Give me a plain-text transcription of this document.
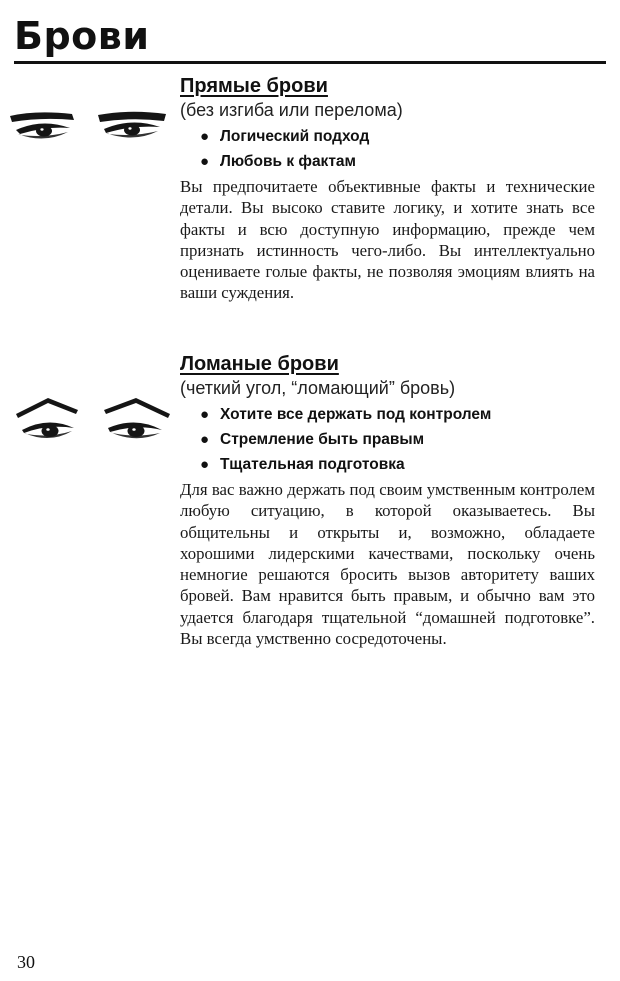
Брови
Прямые брови
(без изгиба или перелома)
● Логический подход
● Любовь к фактам

Вы предпочитаете объективные факты и технические детали. Вы высоко ставите логику, и хотите знать все факты и всю доступную информацию, прежде чем признать истинность чего-либо. Вы интеллектуально оцениваете голые факты, не позволяя эмоциям влиять на ваши суждения.

Ломаные брови
(четкий угол, “ломающий” бровь)
● Хотите все держать под контролем
● Стремление быть правым
● Тщательная подготовка

Для вас важно держать под своим умственным контролем любую ситуацию, в которой оказываетесь. Вы общительны и открыты и, возможно, обладаете хорошими лидерскими качествами, поскольку очень немногие решаются бросить вызов авторитету ваших бровей. Вам нравится быть правым, и обычно вам это удается благодаря тщательной “домашней подготовке”. Вы всегда умственно сосредоточены.

30
